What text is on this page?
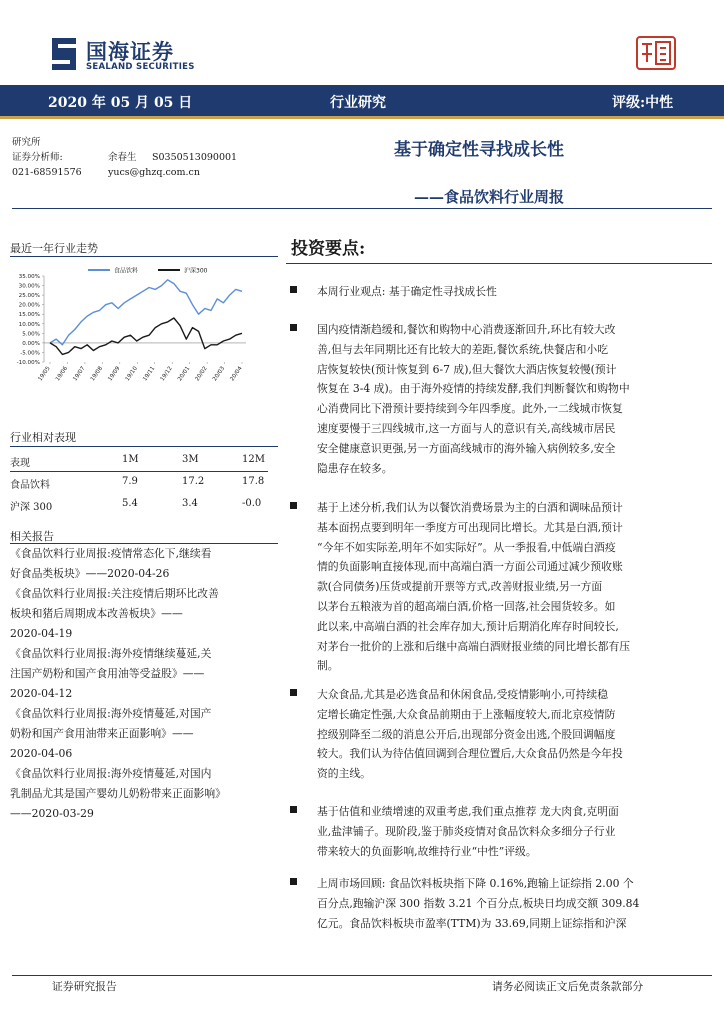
国海证券
SEALAND SECURITIES
2020 年 05 月 05 日	行业研究	评级:中性
研究所
证券分析师:	余春生 S0350513090001
021-68591576	yucs@ghzq.com.cn
基于确定性寻找成长性
——食品饮料行业周报
最近一年行业走势
食品饮料	沪深300
35.00%
30.00%
25.00%
20.00%
15.00%
10.00%
5.00%
0.00%
-5.00%
-10.00%
19/05 19/06 19/07 19/08 19/09 19/10 19/11 19/12 20/01 20/02 20/03 20/04
行业相对表现
表现	1M	3M	12M
食品饮料	7.9	17.2	17.8
沪深 300	5.4	3.4	-0.0
相关报告

《食品饮料行业周报:疫情常态化下,继续看

好食品类板块》——2020-04-26

《食品饮料行业周报:关注疫情后期环比改善

板块和猪后周期成本改善板块》——

2020-04-19

《食品饮料行业周报:海外疫情继续蔓延,关

注国产奶粉和国产食用油等受益股》——

2020-04-12

《食品饮料行业周报:海外疫情蔓延,对国产

奶粉和国产食用油带来正面影响》——

2020-04-06

《食品饮料行业周报:海外疫情蔓延,对国内

乳制品尤其是国产婴幼儿奶粉带来正面影响》

——2020-03-29

投资要点:
本周行业观点: 基于确定性寻找成长性
国内疫情渐趋缓和,餐饮和购物中心消费逐渐回升,环比有较大改
善,但与去年同期比还有比较大的差距,餐饮系统,快餐店和小吃
店恢复较快(预计恢复到 6-7 成),但大餐饮大酒店恢复较慢(预计
恢复在 3-4 成)。由于海外疫情的持续发酵,我们判断餐饮和购物中
心消费同比下滑预计要持续到今年四季度。此外,一二线城市恢复
速度要慢于三四线城市,这一方面与人的意识有关,高线城市居民
安全健康意识更强,另一方面高线城市的海外输入病例较多,安全
隐患存在较多。
基于上述分析,我们认为以餐饮消费场景为主的白酒和调味品预计
基本面拐点要到明年一季度方可出现同比增长。尤其是白酒,预计
“今年不如实际差,明年不如实际好”。从一季报看,中低端白酒疫
情的负面影响直接体现,而中高端白酒一方面公司通过减少预收账
款(合同债务)压货或提前开票等方式,改善财报业绩,另一方面
以茅台五粮液为首的超高端白酒,价格一回落,社会囤货较多。如
此以来,中高端白酒的社会库存加大,预计后期消化库存时间较长,
对茅台一批价的上涨和后继中高端白酒财报业绩的同比增长都有压
制。
大众食品,尤其是必选食品和休闲食品,受疫情影响小,可持续稳
定增长确定性强,大众食品前期由于上涨幅度较大,而北京疫情防
控级别降至二级的消息公开后,出现部分资金出逃,个股回调幅度
较大。我们认为待估值回调到合理位置后,大众食品仍然是今年投
资的主线。
基于估值和业绩增速的双重考虑,我们重点推荐 龙大肉食,克明面
业,盐津铺子。现阶段,鉴于肺炎疫情对食品饮料众多细分子行业
带来较大的负面影响,故维持行业“中性”评级。
上周市场回顾: 食品饮料板块指下降 0.16%,跑输上证综指 2.00 个
百分点,跑输沪深 300 指数 3.21 个百分点,板块日均成交额 309.84
亿元。食品饮料板块市盈率(TTM)为 33.69,同期上证综指和沪深
证券研究报告	请务必阅读正文后免责条款部分
